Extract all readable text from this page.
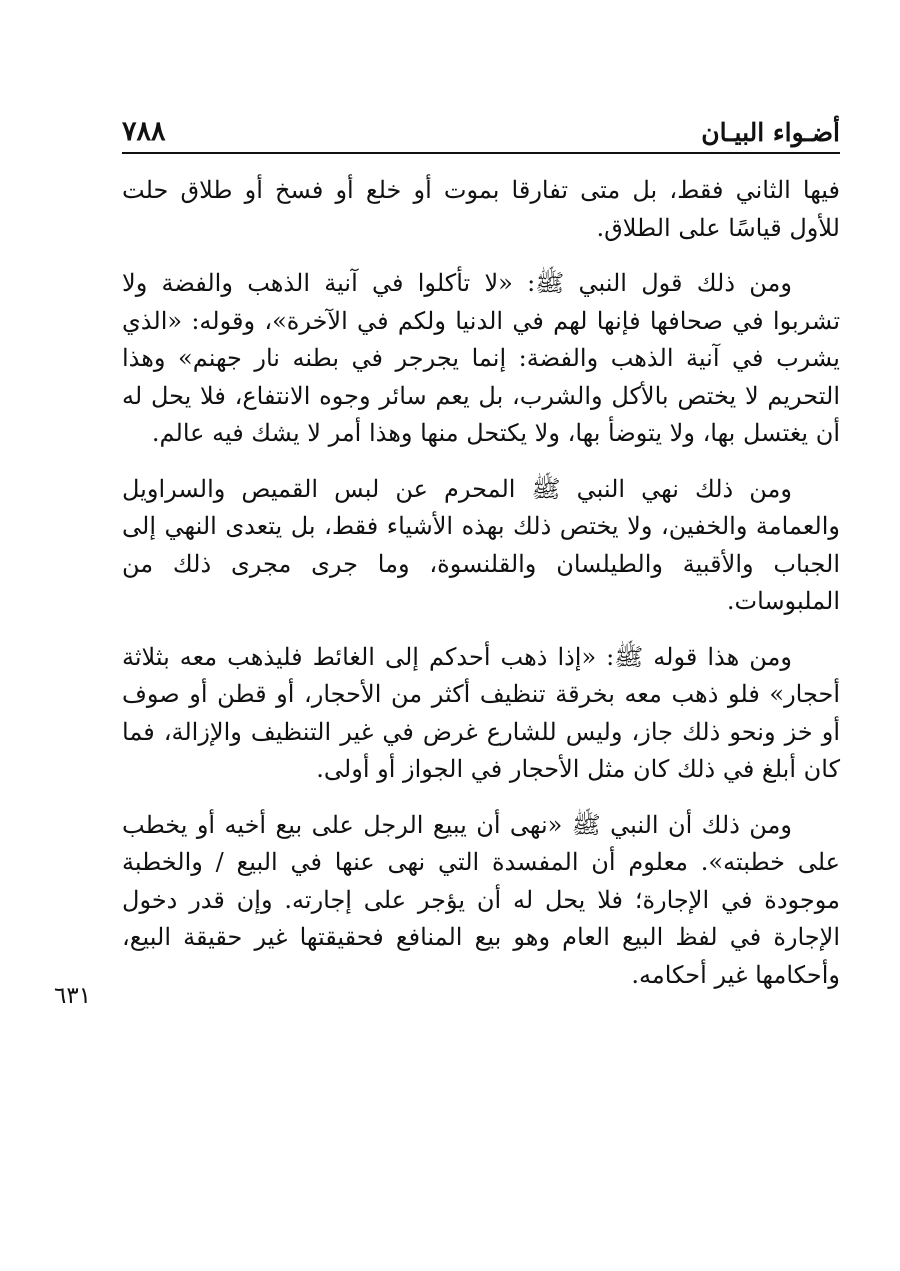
أضـواء البيـان
٧٨٨

فيها الثاني فقط، بل متى تفارقا بموت أو خلع أو فسخ أو طلاق حلت للأول قياسًا على الطلاق.

ومن ذلك قول النبي ﷺ: «لا تأكلوا في آنية الذهب والفضة ولا تشربوا في صحافها فإنها لهم في الدنيا ولكم في الآخرة»، وقوله: «الذي يشرب في آنية الذهب والفضة: إنما يجرجر في بطنه نار جهنم» وهذا التحريم لا يختص بالأكل والشرب، بل يعم سائر وجوه الانتفاع، فلا يحل له أن يغتسل بها، ولا يتوضأ بها، ولا يكتحل منها وهذا أمر لا يشك فيه عالم.

ومن ذلك نهي النبي ﷺ المحرم عن لبس القميص والسراويل والعمامة والخفين، ولا يختص ذلك بهذه الأشياء فقط، بل يتعدى النهي إلى الجباب والأقبية والطيلسان والقلنسوة، وما جرى مجرى ذلك من الملبوسات.

ومن هذا قوله ﷺ: «إذا ذهب أحدكم إلى الغائط فليذهب معه بثلاثة أحجار» فلو ذهب معه بخرقة تنظيف أكثر من الأحجار، أو قطن أو صوف أو خز ونحو ذلك جاز، وليس للشارع غرض في غير التنظيف والإزالة، فما كان أبلغ في ذلك كان مثل الأحجار في الجواز أو أولى.

ومن ذلك أن النبي ﷺ «نهى أن يبيع الرجل على بيع أخيه أو يخطب على خطبته». معلوم أن المفسدة التي نهى عنها في البيع / والخطبة موجودة في الإجارة؛ فلا يحل له أن يؤجر على إجارته. وإن قدر دخول الإجارة في لفظ البيع العام وهو بيع المنافع فحقيقتها غير حقيقة البيع، وأحكامها غير أحكامه.

٦٣١
